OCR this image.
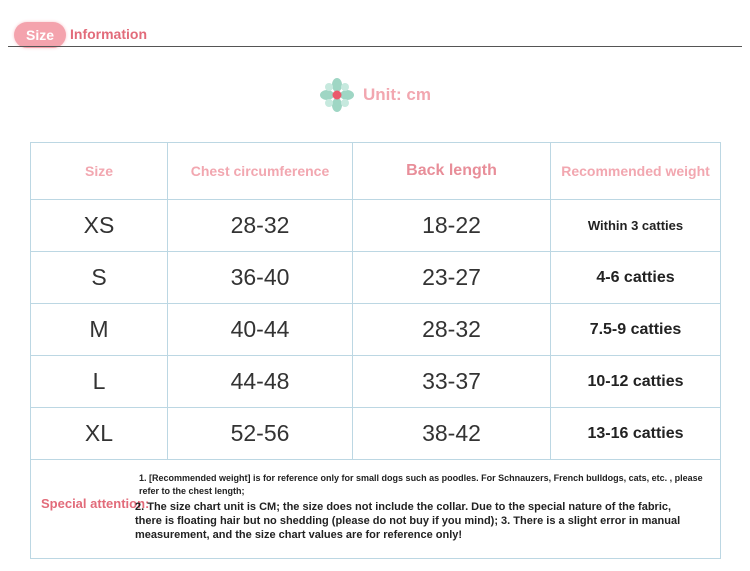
Size	Information
Unit: cm
Size	Chest circumference	Back length	Recommended weight
XS	28-32	18-22	Within 3 catties
S	36-40	23-27	4-6 catties
M	40-44	28-32	7.5-9 catties
L	44-48	33-37	10-12 catties
XL	52-56	38-42	13-16 catties

Special attention:
1. [Recommended weight] is for reference only for small dogs such as poodles. For Schnauzers, French bulldogs, cats, etc. , please refer to the chest length;
2. The size chart unit is CM; the size does not include the collar. Due to the special nature of the fabric, there is floating hair but no shedding (please do not buy if you mind); 3. There is a slight error in manual measurement, and the size chart values are for reference only!			
